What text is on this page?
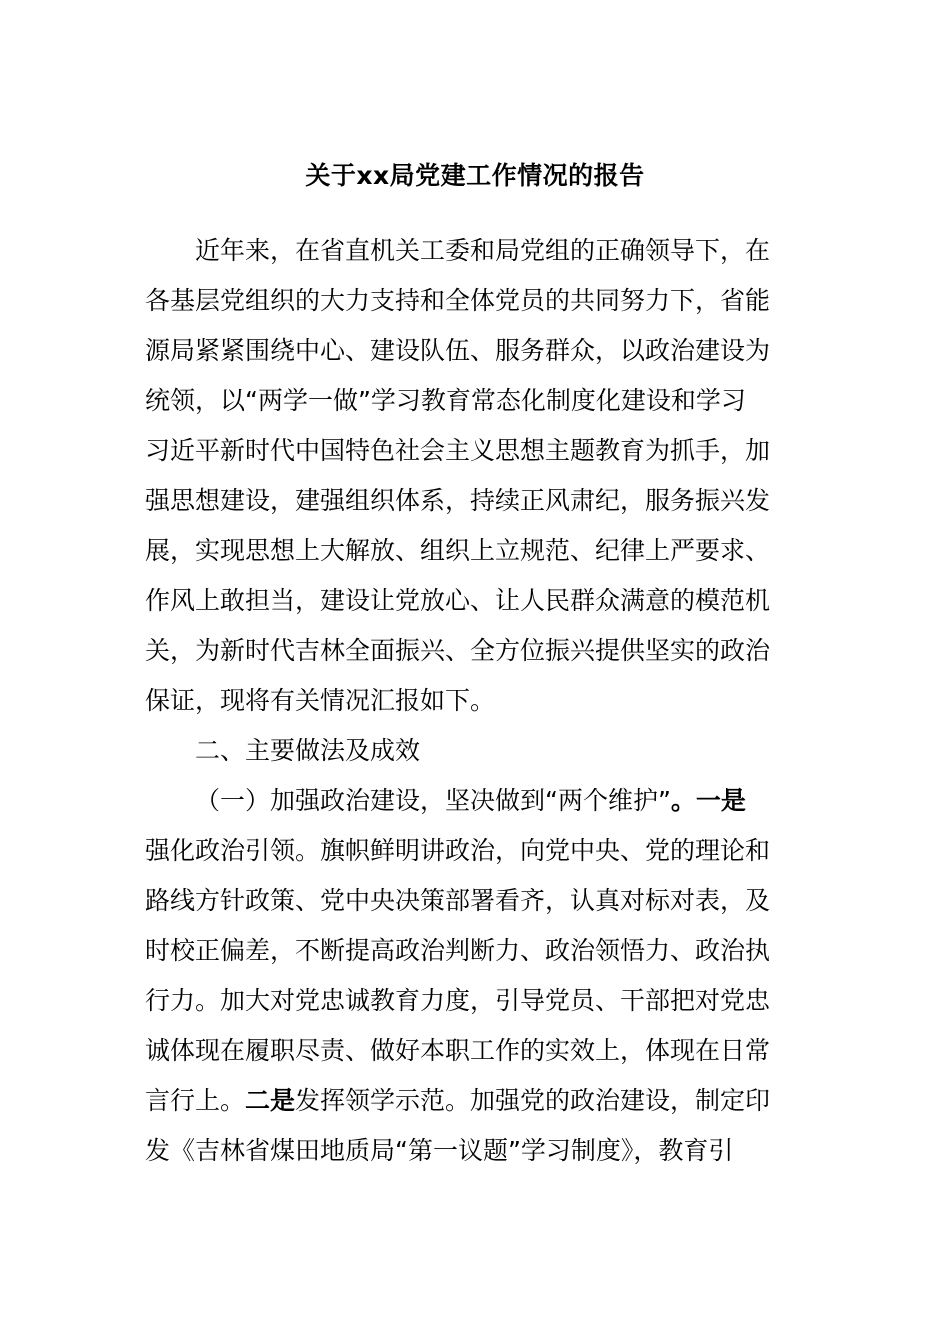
关于xx局党建工作情况的报告
近年来，在省直机关工委和局党组的正确领导下，在
各基层党组织的大力支持和全体党员的共同努力下，省能
源局紧紧围绕中心、建设队伍、服务群众，以政治建设为
统领，以“两学一做”学习教育常态化制度化建设和学习
习近平新时代中国特色社会主义思想主题教育为抓手，加
强思想建设，建强组织体系，持续正风肃纪，服务振兴发
展，实现思想上大解放、组织上立规范、纪律上严要求、
作风上敢担当，建设让党放心、让人民群众满意的模范机
关，为新时代吉林全面振兴、全方位振兴提供坚实的政治
保证，现将有关情况汇报如下。
二、主要做法及成效
（一）加强政治建设，坚决做到“两个维护”。一是
强化政治引领。旗帜鲜明讲政治，向党中央、党的理论和
路线方针政策、党中央决策部署看齐，认真对标对表，及
时校正偏差，不断提高政治判断力、政治领悟力、政治执
行力。加大对党忠诚教育力度，引导党员、干部把对党忠
诚体现在履职尽责、做好本职工作的实效上，体现在日常
言行上。二是发挥领学示范。加强党的政治建设，制定印
发《吉林省煤田地质局“第一议题”学习制度》，教育引
